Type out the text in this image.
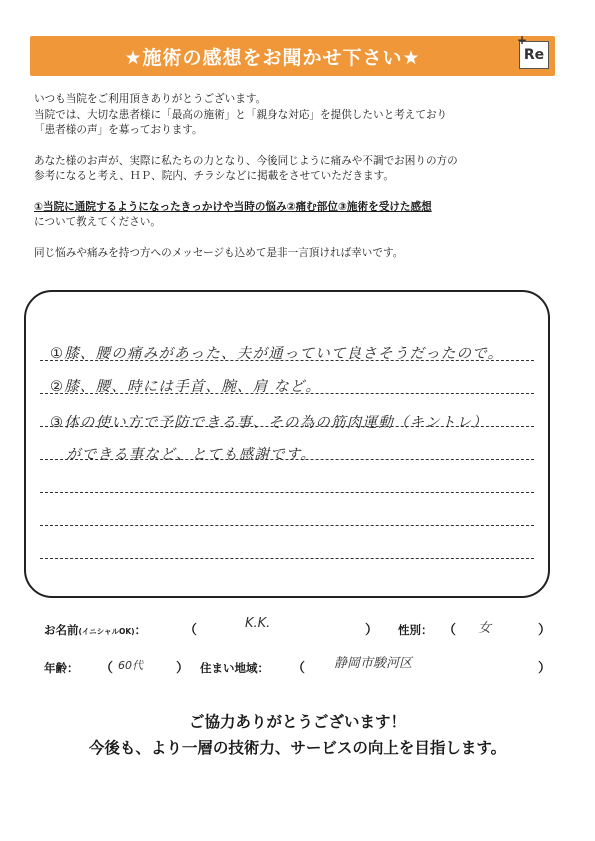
★施術の感想をお聞かせ下さい★
+
Re

いつも当院をご利用頂きありがとうございます。

当院では、大切な患者様に「最高の施術」と「親身な対応」を提供したいと考えており

「患者様の声」を募っております。

あなた様のお声が、実際に私たちの力となり、今後同じように痛みや不調でお困りの方の

参考になると考え、ＨＰ、院内、チラシなどに掲載をさせていただきます。

①当院に通院するようになったきっかけや当時の悩み②痛む部位③施術を受けた感想

について教えてください。

同じ悩みや痛みを持つ方へのメッセージも込めて是非一言頂ければ幸いです。

①膝、腰の痛みがあった、夫が通っていて良さそうだったので。
②膝、腰、時には手首、腕、肩 など。
③体の使い方で予防できる事、その為の筋肉運動（キントレ）
ができる事など、とても感謝です。
お名前(イニシャルOK)：	（	K.K.	） 性別： （ 女	）
年齢： （ 60代	） 住まい地域： （ 静岡市駿河区	）
ご協力ありがとうございます！
今後も、より一層の技術力、サービスの向上を目指します。
